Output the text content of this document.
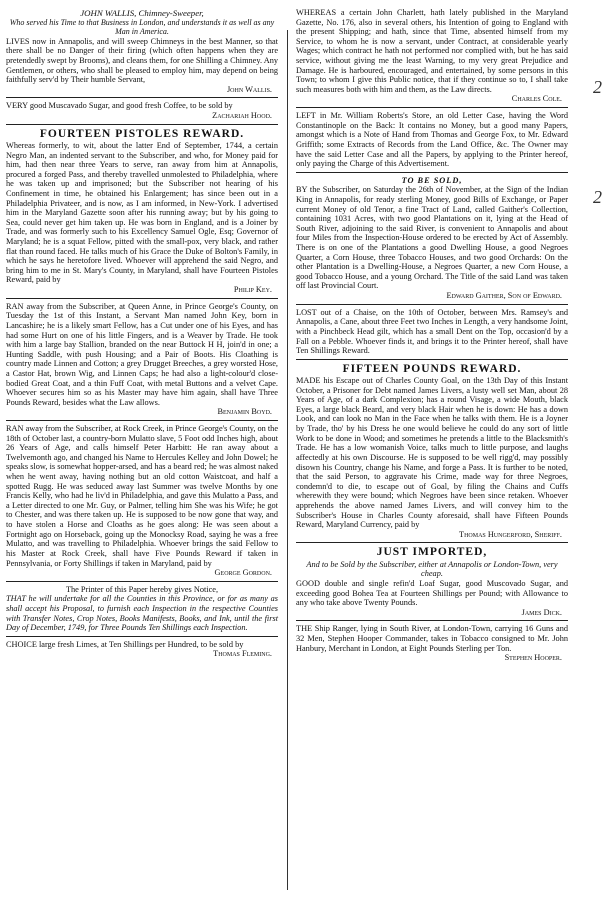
JOHN WALLIS, Chimney-Sweeper,
Who served his Time to that Business in London, and understands it as well as any Man in America.

LIVES now in Annapolis, and will sweep Chimneys in the best Manner, so that there shall be no Danger of their firing (which often happens when they are pretendedly swept by Brooms), and cleans them, for one Shilling a Chimney. Any Gentlemen, or others, who shall be pleased to employ him, may depend on being faithfully serv'd by Their humble Servant,

John Wallis.

VERY good Muscavado Sugar, and good fresh Coffee, to be sold by

Zachariah Hood.
FOURTEEN PISTOLES REWARD.

Whereas formerly, to wit, about the latter End of September, 1744, a certain Negro Man, an indented servant to the Subscriber, and who, for Money paid for him, had then near three Years to serve, ran away from him at Annapolis, procured a forged Pass, and thereby travelled unmolested to Philadelphia, where he was taken up and imprisoned; but the Subscriber not hearing of his Confinement in time, he obtained his Enlargement; has since been out in a Philadelphia Privateer, and is now, as I am informed, in New-York. I advertised him in the Maryland Gazette soon after his running away; but by his going to Sea, could never get him taken up. He was born in England, and is a Joiner by Trade, and was formerly such to his Excellency Samuel Ogle, Esq; Governor of Maryland; he is a squat Fellow, pitted with the small-pox, very black, and rather flat than round faced. He talks much of his Grace the Duke of Bolton's Family, in which he says he heretofore lived. Whoever will apprehend the said Negro, and bring him to me in St. Mary's County, in Maryland, shall have Fourteen Pistoles Reward, paid by

Philip Key.

RAN away from the Subscriber, at Queen Anne, in Prince George's County, on Tuesday the 1st of this Instant, a Servant Man named John Key, born in Lancashire; he is a likely smart Fellow, has a Cut under one of his Eyes, and has had some Hurt on one of his little Fingers, and is a Weaver by Trade. He took with him a large bay Stallion, branded on the near Buttock H H, join'd in one; a Hunting Saddle, with push Housing; and a Pair of Boots. His Cloathing is country made Linnen and Cotton; a grey Drugget Breeches, a grey worsted Hose, a Castor Hat, brown Wig, and Linnen Caps; he had also a light-colour'd close-bodied Great Coat, and a thin Fuff Coat, with metal Buttons and a velvet Cape. Whoever secures him so as his Master may have him again, shall have Three Pounds Reward, besides what the Law allows.

Benjamin Boyd.

RAN away from the Subscriber, at Rock Creek, in Prince George's County, on the 18th of October last, a country-born Mulatto slave, 5 Foot odd Inches high, about 26 Years of Age, and calls himself Peter Harbitt: He ran away about a Twelvemonth ago, and changed his Name to Hercules Kelley and John Dowel; he speaks slow, is somewhat hopper-arsed, and has a beard red; he was almost naked when he went away, having nothing but an old cotton Waistcoat, and half a spotted Rugg. He was seduced away last Summer was twelve Months by one Francis Kelly, who had he liv'd in Philadelphia, and gave this Mulatto a Pass, and a Letter directed to one Mr. Guy, or Palmer, telling him She was his Wife; he got to Chester, and was there taken up. He is supposed to be now gone that way, and to have stolen a Horse and Cloaths as he goes along: He was seen about a Fortnight ago on Horseback, going up the Monocksy Road, saying he was a free Mulatto, and was travelling to Philadelphia. Whoever brings the said Fellow to his Master at Rock Creek, shall have Five Pounds Reward if taken in Pennsylvania, or Forty Shillings if taken in Maryland, paid by

George Gordon.
The Printer of this Paper hereby gives Notice,

THAT he will undertake for all the Counties in this Province, or for as many as shall accept his Proposal, to furnish each Inspection in the respective Counties with Transfer Notes, Crop Notes, Books Manifests, Books, and Ink, until the first Day of December, 1749, for Three Pounds Ten Shillings each Inspection.

CHOICE large fresh Limes, at Ten Shillings per Hundred, to be sold by

Thomas Fleming.

WHEREAS a certain John Charlett, hath lately published in the Maryland Gazette, No. 176, also in several others, his Intention of going to England with the present Shipping; and hath, since that Time, absented himself from my Service, to whom he is now a servant, under Contract, at considerable yearly Wages; which contract he hath not performed nor complied with, but he has said service, without giving me the least Warning, to my very great Prejudice and Damage. He is harboured, encouraged, and entertained, by some persons in this Town; to whom I give this Public notice, that if they continue so to, I shall take such measures both with him and them, as the Law directs.

Charles Cole.

LEFT in Mr. William Roberts's Store, an old Letter Case, having the Word Constantinople on the Back: It contains no Money, but a good many Papers, amongst which is a Note of Hand from Thomas and George Fox, to Mr. Edward Griffith; some Extracts of Records from the Land Office, &c. The Owner may have the said Letter Case and all the Papers, by applying to the Printer hereof, only paying the Charge of this Advertisement.

TO BE SOLD,

BY the Subscriber, on Saturday the 26th of November, at the Sign of the Indian King in Annapolis, for ready sterling Money, good Bills of Exchange, or Paper current Money of old Tenor, a fine Tract of Land, called Gaither's Collection, containing 1031 Acres, with two good Plantations on it, lying at the Head of South River, adjoining to the said River, is convenient to Annapolis and about four Miles from the Inspection-House ordered to be erected by Act of Assembly. There is on one of the Plantations a good Dwelling House, a good Negroes Quarter, a Corn House, three Tobacco Houses, and two good Orchards: On the other Plantation is a Dwelling-House, a Negroes Quarter, a new Corn House, a good Tobacco House, and a young Orchard. The Title of the said Land was taken off last Provincial Court.

Edward Gaither, Son of Edward.

LOST out of a Chaise, on the 10th of October, between Mrs. Ramsey's and Annapolis, a Cane, about three Feet two Inches in Length, a very handsome Joint, with a Pinchbeck Head gilt, which has a small Dent on the Top, occasion'd by a Fall on a Pebble. Whoever finds it, and brings it to the Printer hereof, shall have Ten Shillings Reward.

FIFTEEN POUNDS REWARD.

MADE his Escape out of Charles County Goal, on the 13th Day of this Instant October, a Prisoner for Debt named James Livers, a lusty well set Man, about 28 Years of Age, of a dark Complexion; has a round Visage, a wide Mouth, black Eyes, a large black Beard, and very black Hair when he is down: He has a down Look, and can look no Man in the Face when he talks with them. He is a Joyner by Trade, tho' by his Dress he one would believe he could do any sort of little Work to be done in Wood; and sometimes he pretends a little to the Blacksmith's Trade. He has a low womanish Voice, talks much to little purpose, and laughs affectedly at his own Discourse. He is supposed to be well rigg'd, may possibly disown his Country, change his Name, and forge a Pass. It is further to be noted, that the said Person, to aggravate his Crime, made way for three Negroes, condemn'd to die, to escape out of Goal, by filing the Chains and Cuffs wherewith they were bound; which Negroes have been since retaken. Whoever apprehends the above named James Livers, and will convey him to the Subscriber's House in Charles County aforesaid, shall have Fifteen Pounds Reward, Maryland Currency, paid by

Thomas Hungerford, Sheriff.
JUST IMPORTED,
And to be Sold by the Subscriber, either at Annapolis or London-Town, very cheap.

GOOD double and single refin'd Loaf Sugar, good Muscovado Sugar, and exceeding good Bohea Tea at Fourteen Shillings per Pound; with Allowance to any who take above Twenty Pounds.

James Dick.

THE Ship Ranger, lying in South River, at London-Town, carrying 16 Guns and 32 Men, Stephen Hooper Commander, takes in Tobacco consigned to Mr. John Hanbury, Merchant in London, at Eight Pounds Sterling per Ton.

Stephen Hooper.
2
2
